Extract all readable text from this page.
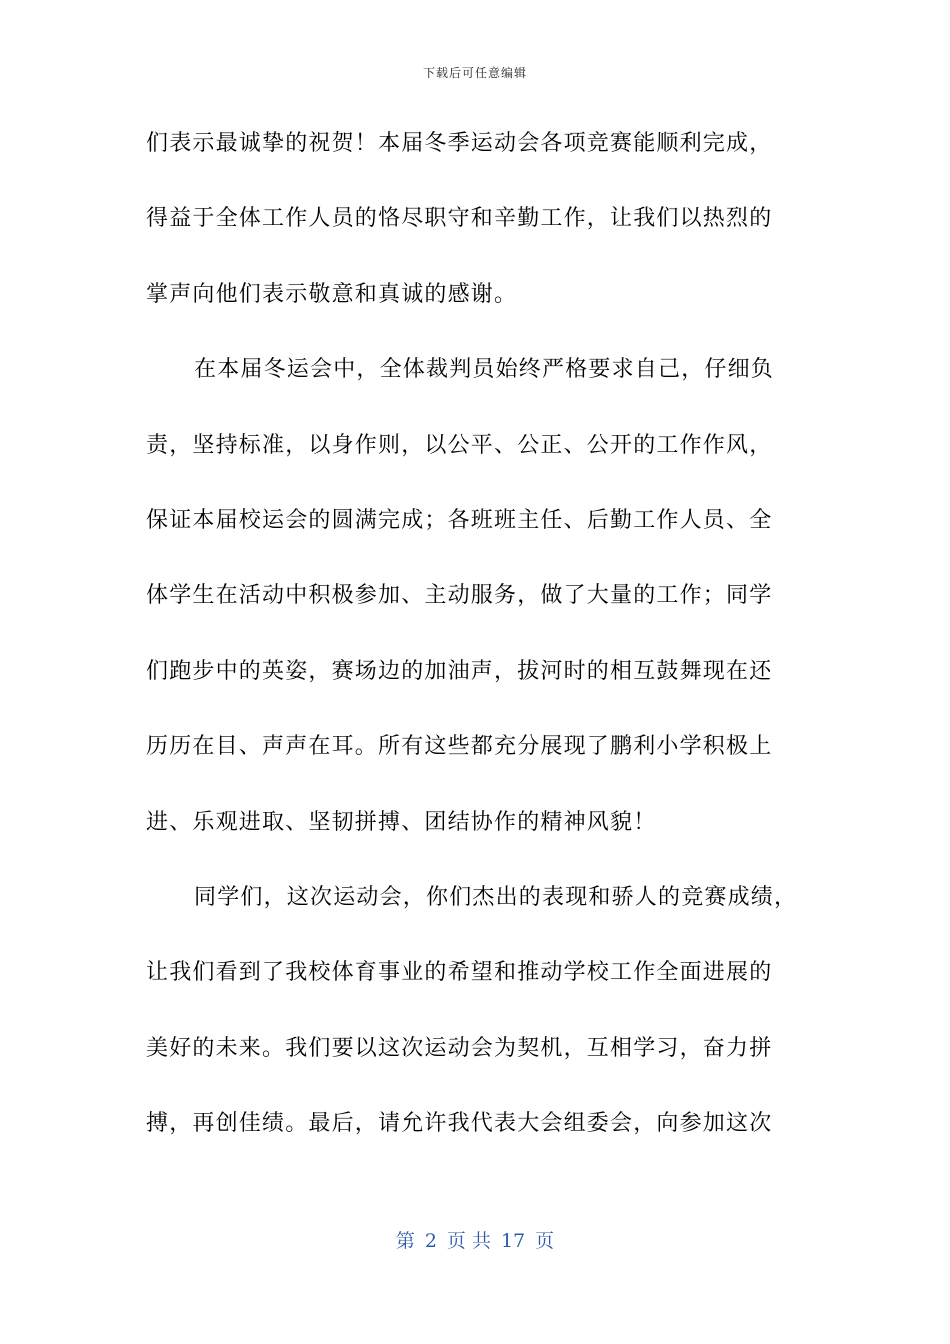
下载后可任意编辑
们表示最诚挚的祝贺！本届冬季运动会各项竞赛能顺利完成，
得益于全体工作人员的恪尽职守和辛勤工作，让我们以热烈的
掌声向他们表示敬意和真诚的感谢。
在本届冬运会中，全体裁判员始终严格要求自己，仔细负
责，坚持标准，以身作则，以公平、公正、公开的工作作风，
保证本届校运会的圆满完成；各班班主任、后勤工作人员、全
体学生在活动中积极参加、主动服务，做了大量的工作；同学
们跑步中的英姿，赛场边的加油声，拔河时的相互鼓舞现在还
历历在目、声声在耳。所有这些都充分展现了鹏利小学积极上
进、乐观进取、坚韧拼搏、团结协作的精神风貌！
同学们，这次运动会，你们杰出的表现和骄人的竞赛成绩，
让我们看到了我校体育事业的希望和推动学校工作全面进展的
美好的未来。我们要以这次运动会为契机，互相学习，奋力拼
搏，再创佳绩。最后，请允许我代表大会组委会，向参加这次
第 2 页 共 17 页
